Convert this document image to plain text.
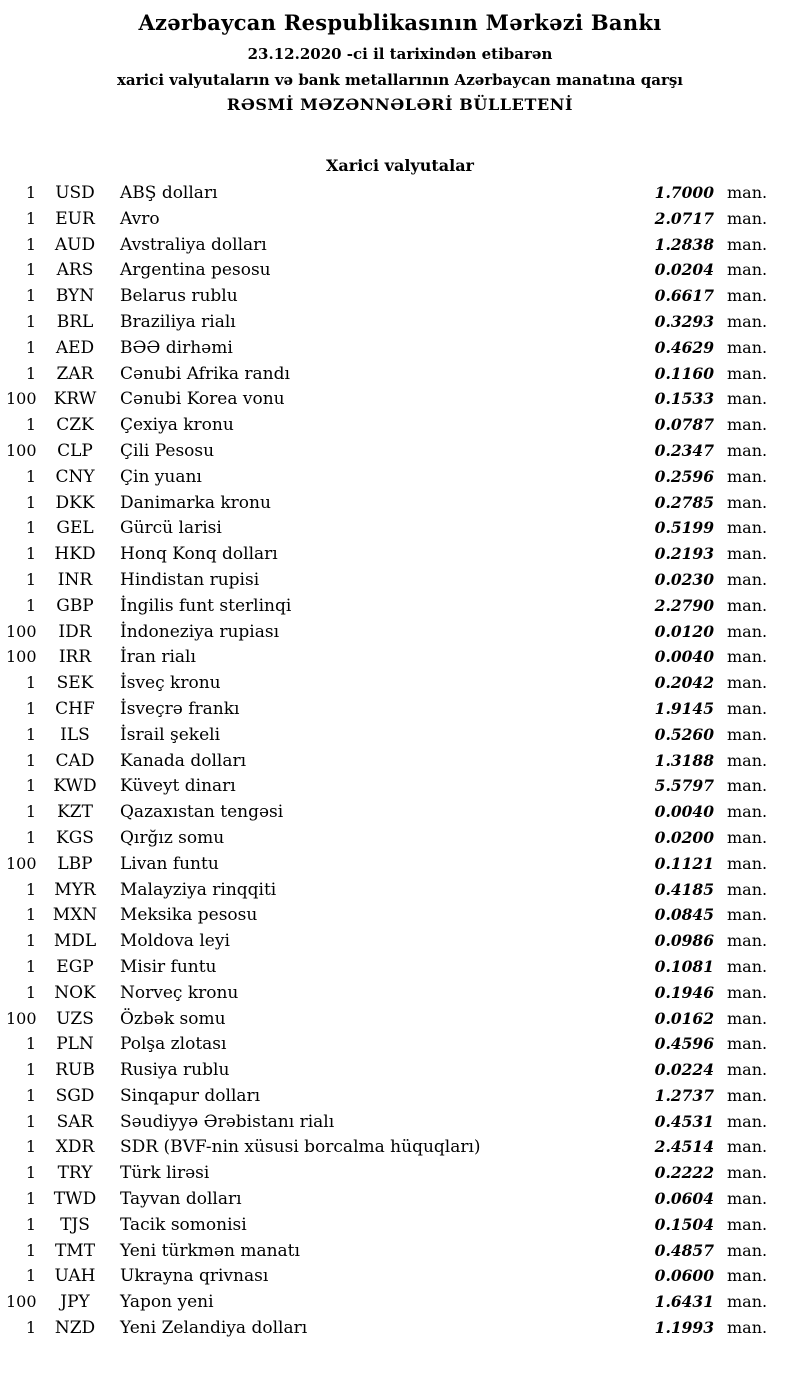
Azərbaycan Respublikasının Mərkəzi Bankı

23.12.2020 -ci il tarixindən etibarən

xarici valyutaların və bank metallarının Azərbaycan manatına qarşı

RƏSMİ MƏZƏNNƏLƏRİ BÜLLETENİ

Xarici valyutalar
1	USD	ABŞ dolları	1.7000 man.
1	EUR	Avro	2.0717 man.
1	AUD	Avstraliya dolları	1.2838 man.
1	ARS	Argentina pesosu	0.0204 man.
1	BYN	Belarus rublu	0.6617 man.
1	BRL	Braziliya rialı	0.3293 man.
1	AED	BƏƏ dirhəmi	0.4629 man.
1	ZAR	Cənubi Afrika randı	0.1160 man.
100	KRW	Cənubi Korea vonu	0.1533 man.
1	CZK	Çexiya kronu	0.0787 man.
100	CLP	Çili Pesosu	0.2347 man.
1	CNY	Çin yuanı	0.2596 man.
1	DKK	Danimarka kronu	0.2785 man.
1	GEL	Gürcü larisi	0.5199 man.
1	HKD	Honq Konq dolları	0.2193 man.
1	INR	Hindistan rupisi	0.0230 man.
1	GBP	İngilis funt sterlinqi	2.2790 man.
100	IDR	İndoneziya rupiası	0.0120 man.
100	IRR	İran rialı	0.0040 man.
1	SEK	İsveç kronu	0.2042 man.
1	CHF	İsveçrə frankı	1.9145 man.
1	ILS	İsrail şekeli	0.5260 man.
1	CAD	Kanada dolları	1.3188 man.
1	KWD	Küveyt dinarı	5.5797 man.
1	KZT	Qazaxıstan tengəsi	0.0040 man.
1	KGS	Qırğız somu	0.0200 man.
100	LBP	Livan funtu	0.1121 man.
1	MYR	Malayziya rinqqiti	0.4185 man.
1 MXN	Meksika pesosu	0.0845 man.
1	MDL	Moldova leyi	0.0986 man.
1	EGP	Misir funtu	0.1081 man.
1	NOK	Norveç kronu	0.1946 man.
100	UZS	Özbək somu	0.0162 man.
1	PLN	Polşa zlotası	0.4596 man.
1	RUB	Rusiya rublu	0.0224 man.
1	SGD	Sinqapur dolları	1.2737 man.
1	SAR	Səudiyyə Ərəbistanı rialı	0.4531 man.
1	XDR	SDR (BVF-nin xüsusi borcalma hüquqları)	2.4514 man.
1	TRY	Türk lirəsi	0.2222 man.
1	TWD	Tayvan dolları	0.0604 man.
1	TJS	Tacik somonisi	0.1504 man.
1	TMT	Yeni türkmən manatı	0.4857 man.
1	UAH	Ukrayna qrivnası	0.0600 man.
100	JPY	Yapon yeni	1.6431 man.
1	NZD	Yeni Zelandiya dolları	1.1993 man.
